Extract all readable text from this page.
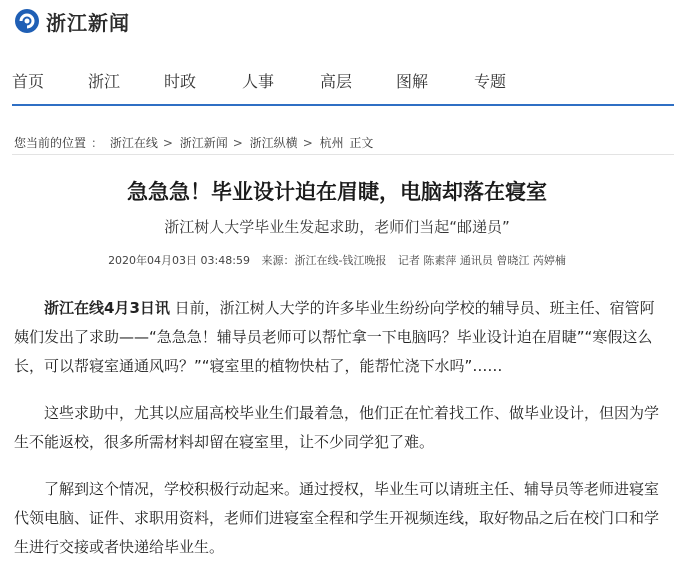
浙江新闻
首页	浙江	时政	人事	高层	图解	专题
您当前的位置 ： 浙江在线 > 浙江新闻 > 浙江纵横 > 杭州 正文
急急急！毕业设计迫在眉睫，电脑却落在寝室
浙江树人大学毕业生发起求助，老师们当起“邮递员”
2020年04月03日 03:48:59 来源：浙江在线-钱江晚报 记者 陈素萍 通讯员 曾晓江 芮婷楠

浙江在线4月3日讯 日前，浙江树人大学的许多毕业生纷纷向学校的辅导员、班主任、宿管阿姨们发出了求助——“急急急！辅导员老师可以帮忙拿一下电脑吗？毕业设计迫在眉睫”“寒假这么长，可以帮寝室通通风吗？”“寝室里的植物快枯了，能帮忙浇下水吗”……

这些求助中，尤其以应届高校毕业生们最着急，他们正在忙着找工作、做毕业设计，但因为学生不能返校，很多所需材料却留在寝室里，让不少同学犯了难。

了解到这个情况，学校积极行动起来。通过授权，毕业生可以请班主任、辅导员等老师进寝室代领电脑、证件、求职用资料，老师们进寝室全程和学生开视频连线，取好物品之后在校门口和学生进行交接或者快递给毕业生。
